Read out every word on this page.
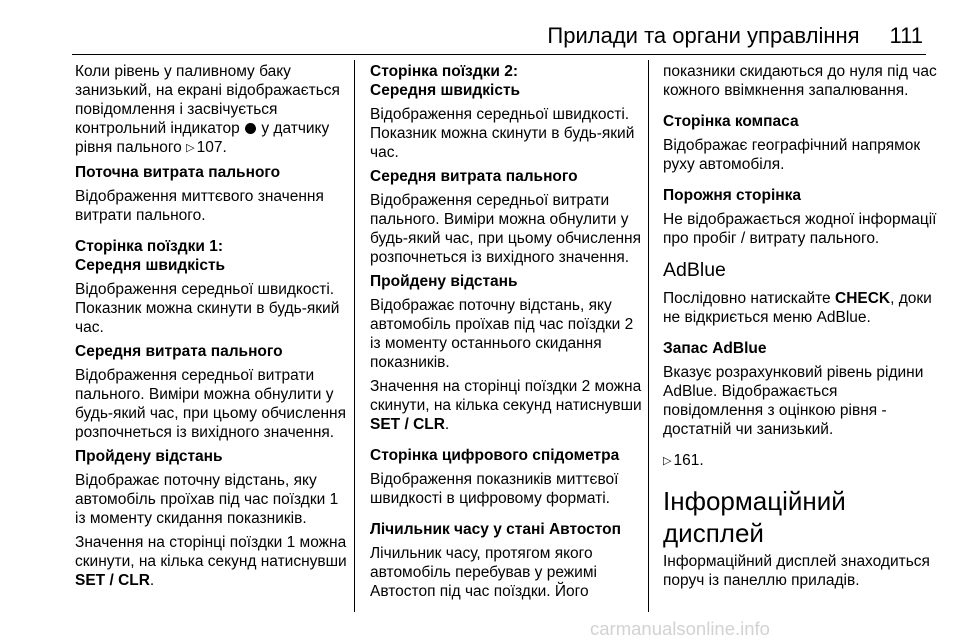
Прилади та органи управління 111

Коли рівень у паливному баку занизький, на екрані відображається повідомлення і засвічується контрольний індикатор у датчику рівня пального ▷ 107.

Поточна витрата пального

Відображення миттєвого значення витрати пального.

Сторінка поїздки 1:

Середня швидкість

Відображення середньої швидкості. Показник можна скинути в будь-який час.

Середня витрата пального

Відображення середньої витрати пального. Виміри можна обнулити у будь-який час, при цьому обчислення розпочнеться із вихідного значення.

Пройдену відстань

Відображає поточну відстань, яку автомобіль проїхав під час поїздки 1 із моменту скидання показників.

Значення на сторінці поїздки 1 можна скинути, на кілька секунд натиснувши SET / CLR.

Сторінка поїздки 2:

Середня швидкість

Відображення середньої швидкості. Показник можна скинути в будь-який час.

Середня витрата пального

Відображення середньої витрати пального. Виміри можна обнулити у будь-який час, при цьому обчислення розпочнеться із вихідного значення.

Пройдену відстань

Відображає поточну відстань, яку автомобіль проїхав під час поїздки 2 із моменту останнього скидання показників.

Значення на сторінці поїздки 2 можна скинути, на кілька секунд натиснувши SET / CLR.

Сторінка цифрового спідометра

Відображення показників миттєвої швидкості в цифровому форматі.

Лічильник часу у стані Автостоп

Лічильник часу, протягом якого автомобіль перебував у режимі Автостоп під час поїздки. Його

показники скидаються до нуля під час кожного ввімкнення запалювання.

Сторінка компаса

Відображає географічний напрямок руху автомобіля.

Порожня сторінка

Не відображається жодної інформації про пробіг / витрату пального.

AdBlue

Послідовно натискайте CHECK, доки не відкриється меню AdBlue.

Запас AdBlue

Вказує розрахунковий рівень рідини AdBlue. Відображається повідомлення з оцінкою рівня - достатній чи занизький.

▷ 161.

Інформаційний дисплей

Інформаційний дисплей знаходиться поруч із панеллю приладів.

carmanualsonline.info
